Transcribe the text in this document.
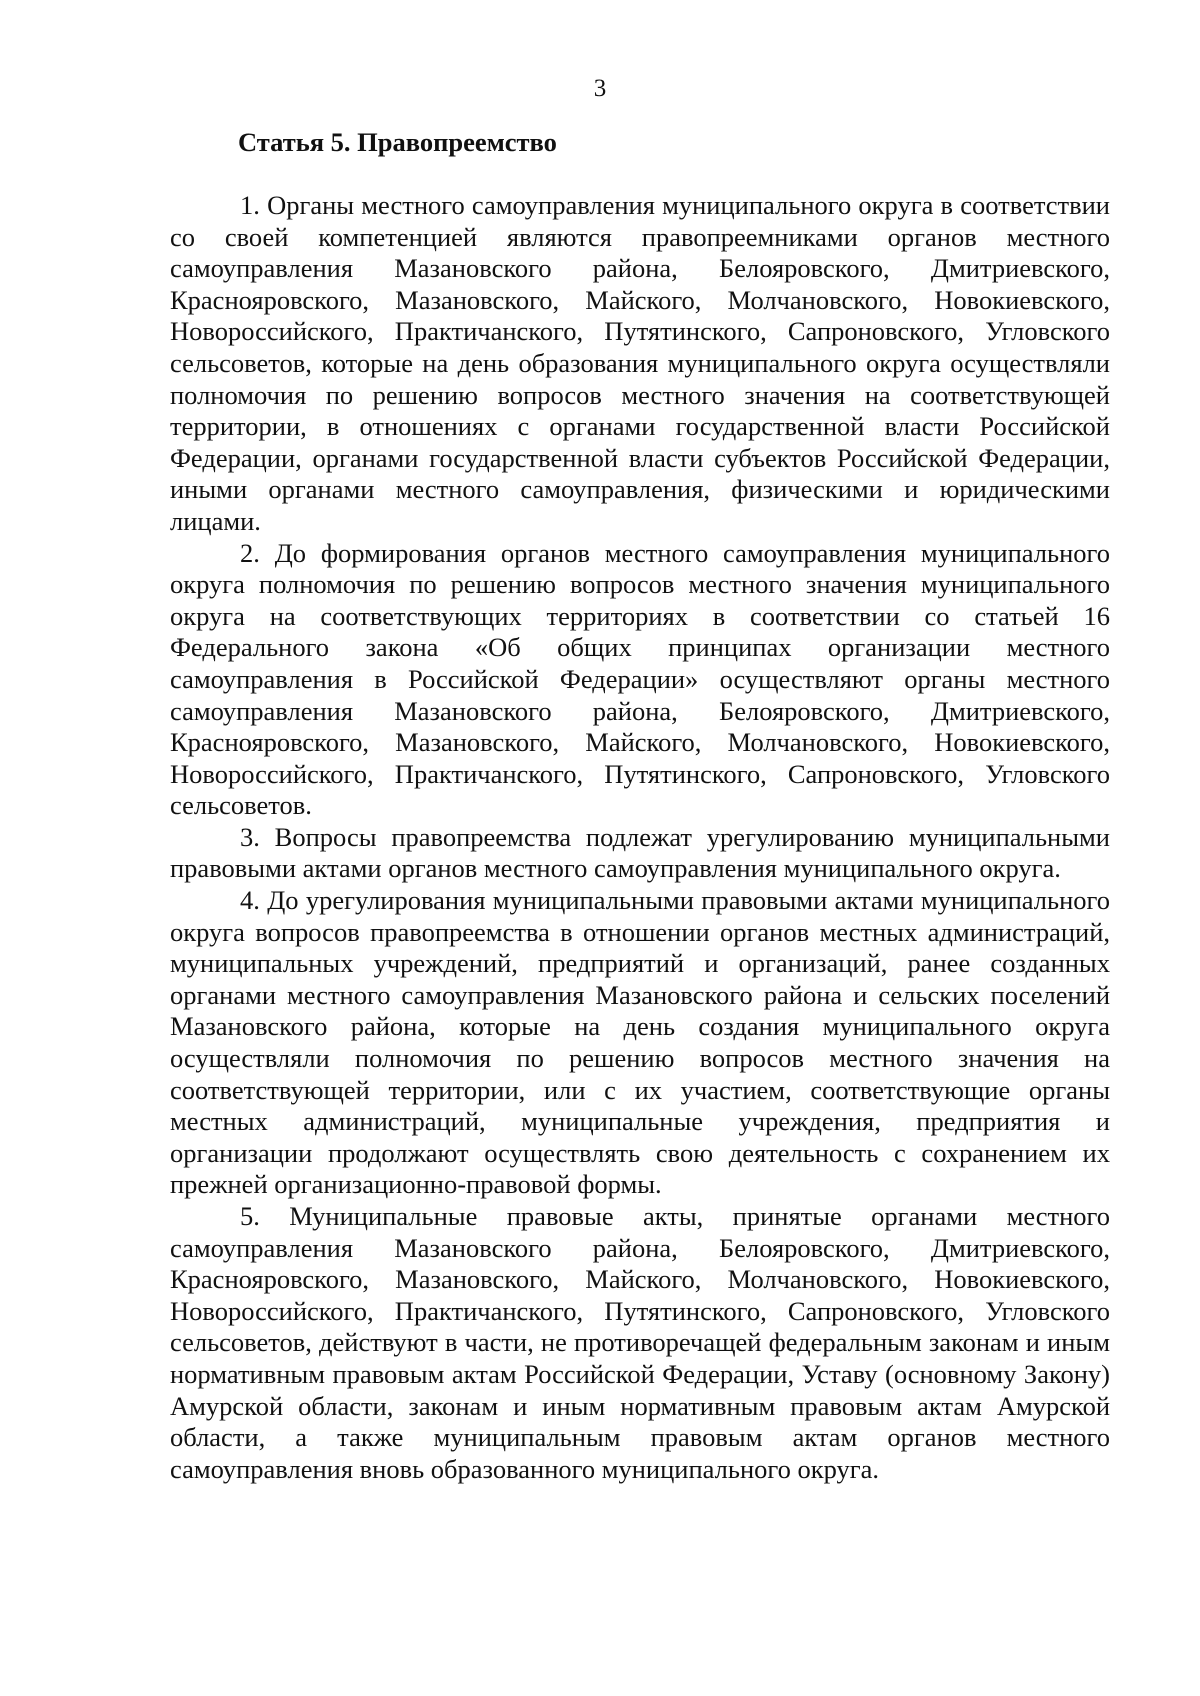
3
Статья 5. Правопреемство

1. Органы местного самоуправления муниципального округа в соответствии со своей компетенцией являются правопреемниками органов местного самоуправления Мазановского района, Белояровского, Дмитриевского, Краснояровского, Мазановского, Майского, Молчановского, Новокиевского, Новороссийского, Практичанского, Путятинского, Сапроновского, Угловского сельсоветов, которые на день образования муниципального округа осуществляли полномочия по решению вопросов местного значения на соответствующей территории, в отношениях с органами государственной власти Российской Федерации, органами государственной власти субъектов Российской Федерации, иными органами местного самоуправления, физическими и юридическими лицами.

2. До формирования органов местного самоуправления муниципального округа полномочия по решению вопросов местного значения муниципального округа на соответствующих территориях в соответствии со статьей 16 Федерального закона «Об общих принципах организации местного самоуправления в Российской Федерации» осуществляют органы местного самоуправления Мазановского района, Белояровского, Дмитриевского, Краснояровского, Мазановского, Майского, Молчановского, Новокиевского, Новороссийского, Практичанского, Путятинского, Сапроновского, Угловского сельсоветов.

3. Вопросы правопреемства подлежат урегулированию муниципальными правовыми актами органов местного самоуправления муниципального округа.

4. До урегулирования муниципальными правовыми актами муниципального округа вопросов правопреемства в отношении органов местных администраций, муниципальных учреждений, предприятий и организаций, ранее созданных органами местного самоуправления Мазановского района и сельских поселений Мазановского района, которые на день создания муниципального округа осуществляли полномочия по решению вопросов местного значения на соответствующей территории, или с их участием, соответствующие органы местных администраций, муниципальные учреждения, предприятия и организации продолжают осуществлять свою деятельность с сохранением их прежней организационно-правовой формы.

5. Муниципальные правовые акты, принятые органами местного самоуправления Мазановского района, Белояровского, Дмитриевского, Краснояровского, Мазановского, Майского, Молчановского, Новокиевского, Новороссийского, Практичанского, Путятинского, Сапроновского, Угловского сельсоветов, действуют в части, не противоречащей федеральным законам и иным нормативным правовым актам Российской Федерации, Уставу (основному Закону) Амурской области, законам и иным нормативным правовым актам Амурской области, а также муниципальным правовым актам органов местного самоуправления вновь образованного муниципального округа.
